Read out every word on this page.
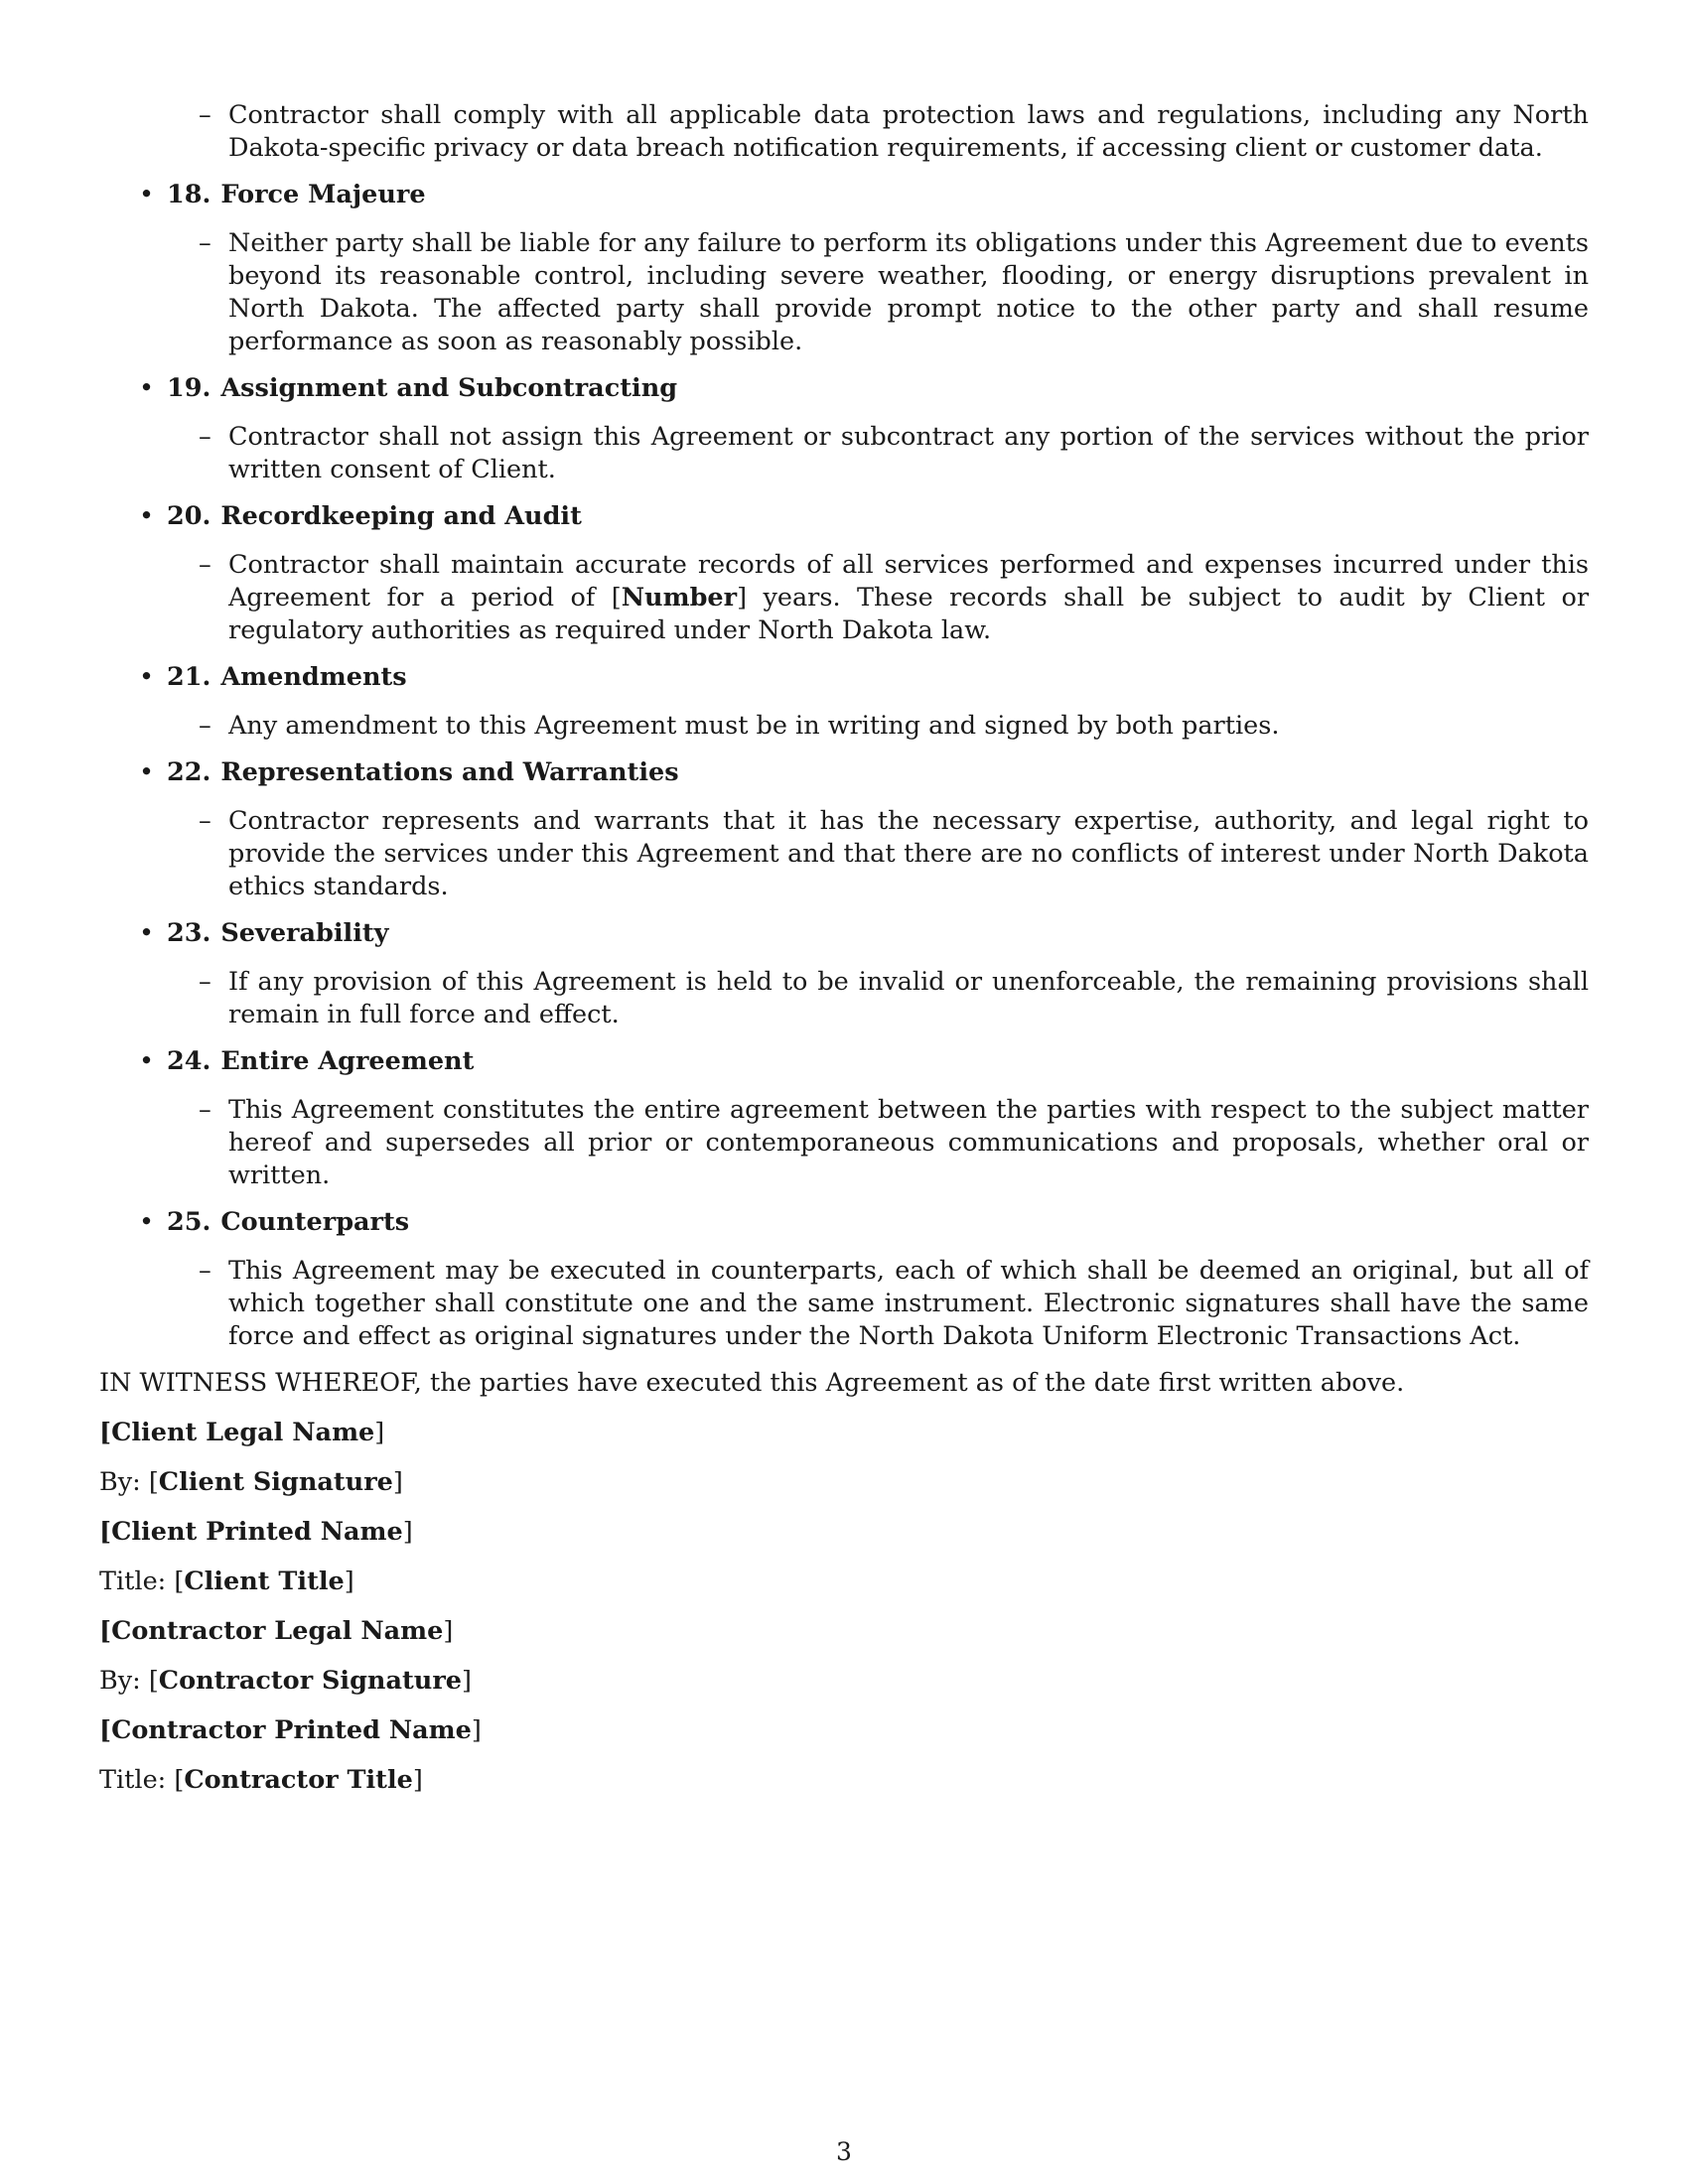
– Contractor shall comply with all applicable data protection laws and regulations, including any North Dakota-specific privacy or data breach notification requirements, if accessing client or customer data.
• 18. Force Majeure
– Neither party shall be liable for any failure to perform its obligations under this Agreement due to events beyond its reasonable control, including severe weather, flooding, or energy disruptions prevalent in North Dakota. The affected party shall provide prompt notice to the other party and shall resume performance as soon as reasonably possible.
• 19. Assignment and Subcontracting
– Contractor shall not assign this Agreement or subcontract any portion of the services without the prior written consent of Client.
• 20. Recordkeeping and Audit
– Contractor shall maintain accurate records of all services performed and expenses incurred under this Agreement for a period of [Number] years. These records shall be subject to audit by Client or regulatory authorities as required under North Dakota law.
• 21. Amendments
– Any amendment to this Agreement must be in writing and signed by both parties.
• 22. Representations and Warranties
– Contractor represents and warrants that it has the necessary expertise, authority, and legal right to provide the services under this Agreement and that there are no conflicts of interest under North Dakota ethics standards.
• 23. Severability
– If any provision of this Agreement is held to be invalid or unenforceable, the remaining provisions shall remain in full force and effect.
• 24. Entire Agreement
– This Agreement constitutes the entire agreement between the parties with respect to the subject matter hereof and supersedes all prior or contemporaneous communications and proposals, whether oral or written.
• 25. Counterparts
– This Agreement may be executed in counterparts, each of which shall be deemed an original, but all of which together shall constitute one and the same instrument. Electronic signatures shall have the same force and effect as original signatures under the North Dakota Uniform Electronic Transactions Act.
IN WITNESS WHEREOF, the parties have executed this Agreement as of the date first written above.
[Client Legal Name]
By: [Client Signature]
[Client Printed Name]
Title: [Client Title]
[Contractor Legal Name]
By: [Contractor Signature]
[Contractor Printed Name]
Title: [Contractor Title]
3
